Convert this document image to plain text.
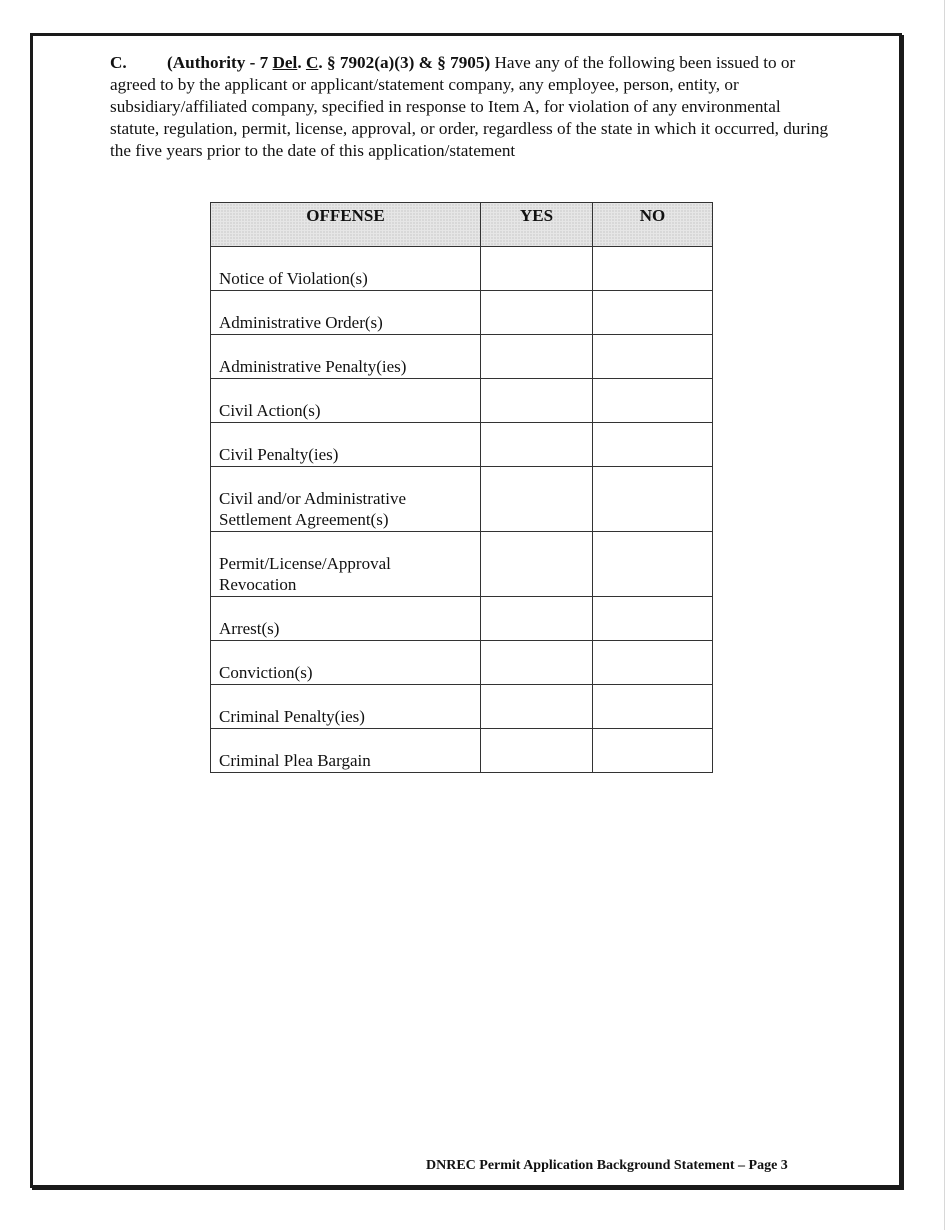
C. (Authority - 7 Del. C. § 7902(a)(3) & § 7905) Have any of the following been issued to or agreed to by the applicant or applicant/statement company, any employee, person, entity, or subsidiary/affiliated company, specified in response to Item A, for violation of any environmental statute, regulation, permit, license, approval, or order, regardless of the state in which it occurred, during the five years prior to the date of this application/statement

OFFENSE	YES	NO
Notice of Violation(s)		
Administrative Order(s)		
Administrative Penalty(ies)		
Civil Action(s)		
Civil Penalty(ies)		
Civil and/or Administrative Settlement Agreement(s)		
Permit/License/Approval Revocation		
Arrest(s)		
Conviction(s)		
Criminal Penalty(ies)		
Criminal Plea Bargain		
DNREC Permit Application Background Statement – Page 3
